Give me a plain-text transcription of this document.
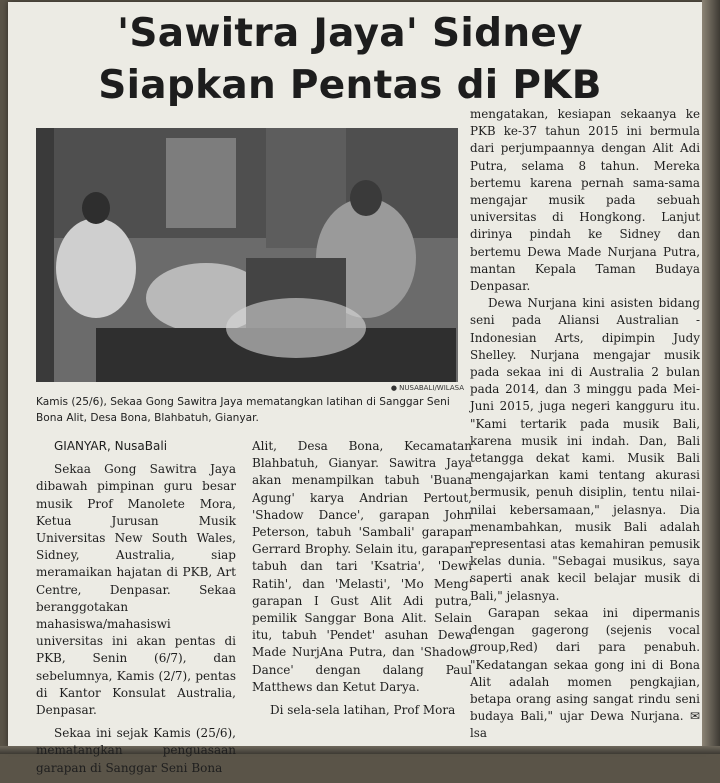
'Sawitra Jaya' Sidney Siapkan Pentas di PKB
● NUSABALI/WILASA
Kamis (25/6), Sekaa Gong Sawitra Jaya mematangkan latihan di Sanggar Seni Bona Alit, Desa Bona, Blahbatuh, Gianyar.

GIANYAR, NusaBali

Sekaa Gong Sawitra Jaya dibawah pimpinan guru besar musik Prof Manolete Mora, Ketua Jurusan Musik Universitas New South Wales, Sidney, Australia, siap meramaikan hajatan di PKB, Art Centre, Denpasar. Sekaa beranggotakan mahasiswa/mahasiswi universitas ini akan pentas di PKB, Senin (6/7), dan sebelumnya, Kamis (2/7), pentas di Kantor Konsulat Australia, Denpasar.

Sekaa ini sejak Kamis (25/6), mematangkan penguasaan garapan di Sanggar Seni Bona

Alit, Desa Bona, Kecamatan Blahbatuh, Gianyar. Sawitra Jaya akan menampilkan tabuh 'Buana Agung' karya Andrian Pertout, 'Shadow Dance', garapan John Peterson, tabuh 'Sambali' garapan Gerrard Brophy. Selain itu, garapan tabuh dan tari 'Ksatria', 'Dewi Ratih', dan 'Melasti', 'Mo Meng' garapan I Gust Alit Adi putra, pemilik Sanggar Bona Alit. Selain itu, tabuh 'Pendet' asuhan Dewa Made NurjAna Putra, dan 'Shadow Dance' dengan dalang Paul Matthews dan Ketut Darya.

Di sela-sela latihan, Prof Mora

mengatakan, kesiapan sekaanya ke PKB ke-37 tahun 2015 ini bermula dari perjumpaannya dengan Alit Adi Putra, selama 8 tahun. Mereka bertemu karena pernah sama-sama mengajar musik pada sebuah universitas di Hongkong. Lanjut dirinya pindah ke Sidney dan bertemu Dewa Made Nurjana Putra, mantan Kepala Taman Budaya Denpasar.

Dewa Nurjana kini asisten bidang seni pada Aliansi Australian - Indonesian Arts, dipimpin Judy Shelley. Nurjana mengajar musik pada sekaa ini di Australia 2 bulan pada 2014, dan 3 minggu pada Mei-Juni 2015, juga negeri kangguru itu. "Kami tertarik pada musik Bali, karena musik ini indah. Dan, Bali tetangga dekat kami. Musik Bali mengajarkan kami tentang akurasi bermusik, penuh disiplin, tentu nilai-nilai kebersamaan," jelasnya. Dia menambahkan, musik Bali adalah representasi atas kemahiran pemusik kelas dunia. "Sebagai musikus, saya saperti anak kecil belajar musik di Bali," jelasnya.

Garapan sekaa ini dipermanis dengan gagerong (sejenis vocal group,Red) dari para penabuh. "Kedatangan sekaa gong ini di Bona Alit adalah momen pengkajian, betapa orang asing sangat rindu seni budaya Bali," ujar Dewa Nurjana. ✉ lsa
